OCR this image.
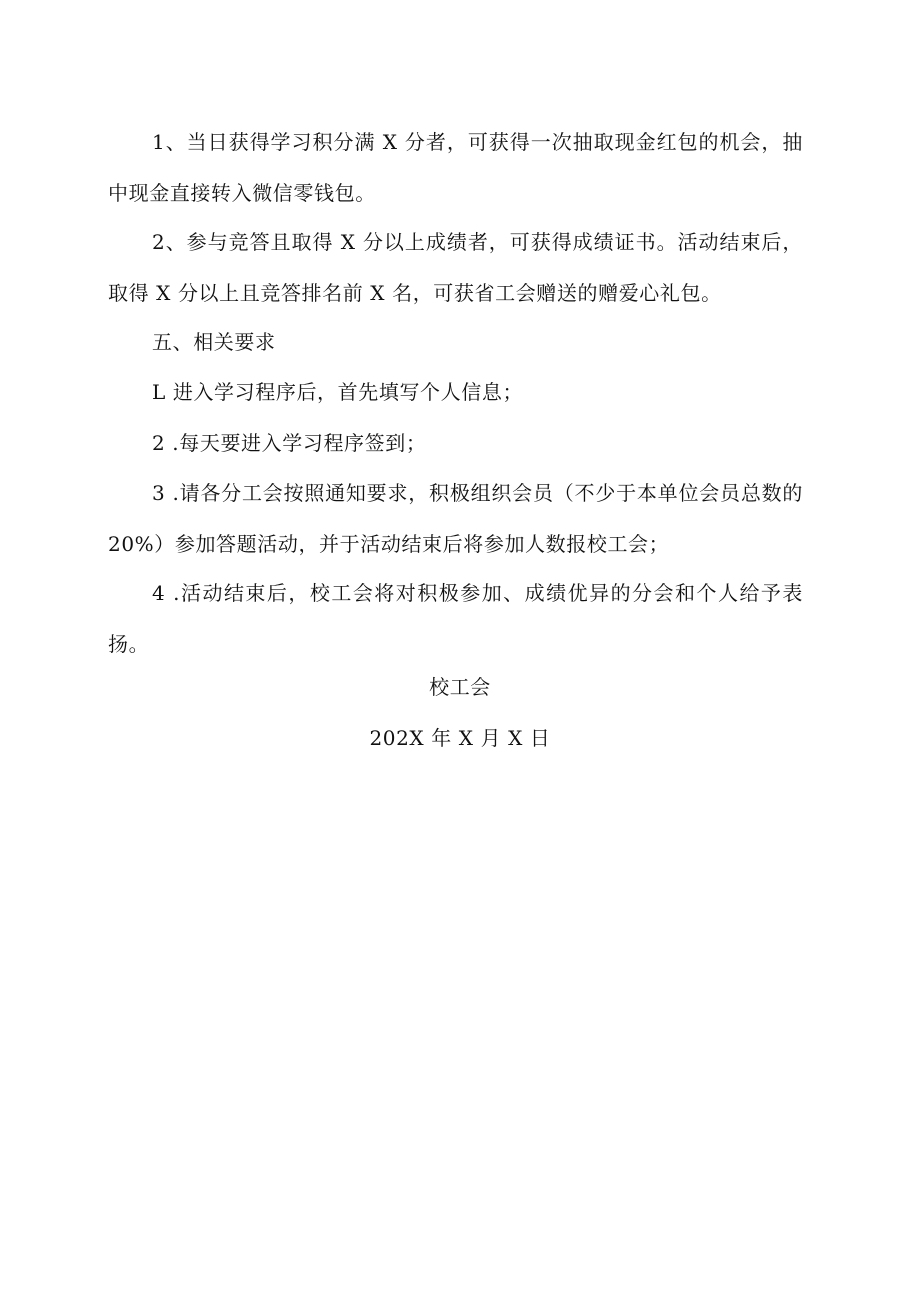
1、当日获得学习积分满 X 分者，可获得一次抽取现金红包的机会，抽中现金直接转入微信零钱包。

2、参与竞答且取得 X 分以上成绩者，可获得成绩证书。活动结束后，取得 X 分以上且竞答排名前 X 名，可获省工会赠送的赠爱心礼包。

五、相关要求

L 进入学习程序后，首先填写个人信息；

2 .每天要进入学习程序签到；

3 .请各分工会按照通知要求，积极组织会员（不少于本单位会员总数的 20%）参加答题活动，并于活动结束后将参加人数报校工会；

4 .活动结束后，校工会将对积极参加、成绩优异的分会和个人给予表扬。

校工会

202X 年 X 月 X 日
